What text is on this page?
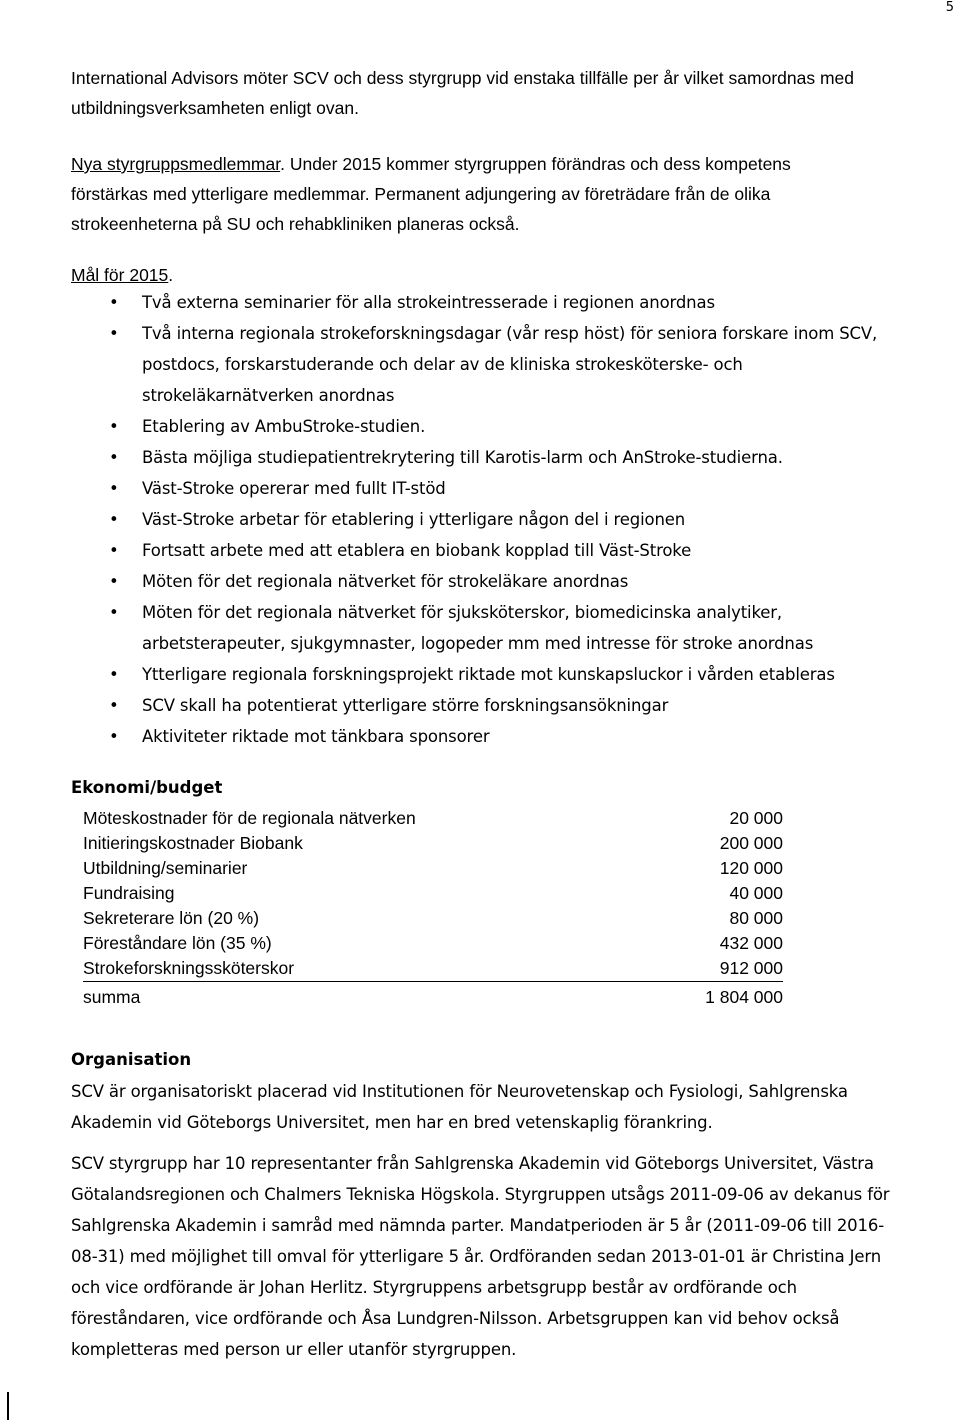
5

International Advisors möter SCV och dess styrgrupp vid enstaka tillfälle per år vilket samordnas med

utbildningsverksamheten enligt ovan.

Nya styrgruppsmedlemmar. Under 2015 kommer styrgruppen förändras och dess kompetens

förstärkas med ytterligare medlemmar. Permanent adjungering av företrädare från de olika

strokeenheterna på SU och rehabkliniken planeras också.

Mål för 2015.
• Två externa seminarier för alla strokeintresserade i regionen anordnas
• Två interna regionala strokeforskningsdagar (vår resp höst) för seniora forskare inom SCV,
postdocs, forskarstuderande och delar av de kliniska strokesköterske- och
strokeläkarnätverken anordnas
• Etablering av AmbuStroke-studien.
• Bästa möjliga studiepatientrekrytering till Karotis-larm och AnStroke-studierna.
• Väst-Stroke opererar med fullt IT-stöd
• Väst-Stroke arbetar för etablering i ytterligare någon del i regionen
• Fortsatt arbete med att etablera en biobank kopplad till Väst-Stroke
• Möten för det regionala nätverket för strokeläkare anordnas
• Möten för det regionala nätverket för sjuksköterskor, biomedicinska analytiker,
arbetsterapeuter, sjukgymnaster, logopeder mm med intresse för stroke anordnas
• Ytterligare regionala forskningsprojekt riktade mot kunskapsluckor i vården etableras
• SCV skall ha potentierat ytterligare större forskningsansökningar
• Aktiviteter riktade mot tänkbara sponsorer
Ekonomi/budget
Möteskostnader för de regionala nätverken	20 000
Initieringskostnader Biobank	200 000
Utbildning/seminarier	120 000
Fundraising	40 000
Sekreterare lön (20 %)	80 000
Föreståndare lön (35 %)	432 000
Strokeforskningssköterskor	912 000
summa	1 804 000
Organisation

SCV är organisatoriskt placerad vid Institutionen för Neurovetenskap och Fysiologi, Sahlgrenska

Akademin vid Göteborgs Universitet, men har en bred vetenskaplig förankring.

SCV styrgrupp har 10 representanter från Sahlgrenska Akademin vid Göteborgs Universitet, Västra

Götalandsregionen och Chalmers Tekniska Högskola. Styrgruppen utsågs 2011-09-06 av dekanus för

Sahlgrenska Akademin i samråd med nämnda parter. Mandatperioden är 5 år (2011-09-06 till 2016-

08-31) med möjlighet till omval för ytterligare 5 år. Ordföranden sedan 2013-01-01 är Christina Jern

och vice ordförande är Johan Herlitz. Styrgruppens arbetsgrupp består av ordförande och

föreståndaren, vice ordförande och Åsa Lundgren-Nilsson. Arbetsgruppen kan vid behov också

kompletteras med person ur eller utanför styrgruppen.
